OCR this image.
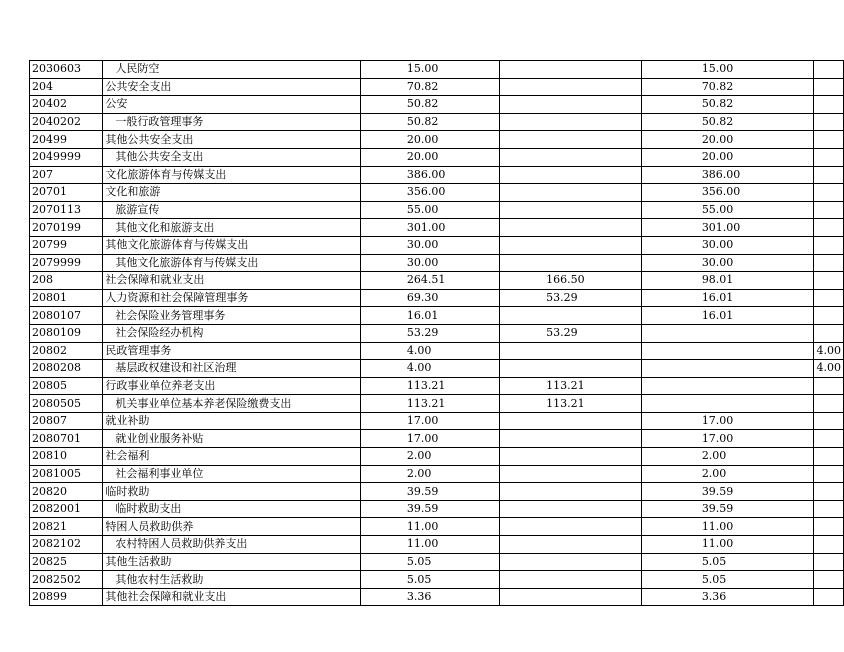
2030603	人民防空	15.00		15.00	
204	公共安全支出	70.82		70.82	
20402	公安	50.82		50.82	
2040202	一般行政管理事务	50.82		50.82	
20499	其他公共安全支出	20.00		20.00	
2049999	其他公共安全支出	20.00		20.00	
207	文化旅游体育与传媒支出	386.00		386.00	
20701	文化和旅游	356.00		356.00	
2070113	旅游宣传	55.00		55.00	
2070199	其他文化和旅游支出	301.00		301.00	
20799	其他文化旅游体育与传媒支出	30.00		30.00	
2079999	其他文化旅游体育与传媒支出	30.00		30.00	
208	社会保障和就业支出	264.51	166.50	98.01	
20801	人力资源和社会保障管理事务	69.30	53.29	16.01	
2080107	社会保险业务管理事务	16.01		16.01	
2080109	社会保险经办机构	53.29	53.29		
20802	民政管理事务	4.00			4.00
2080208	基层政权建设和社区治理	4.00			4.00
20805	行政事业单位养老支出	113.21	113.21		
2080505	机关事业单位基本养老保险缴费支出	113.21	113.21		
20807	就业补助	17.00		17.00	
2080701	就业创业服务补贴	17.00		17.00	
20810	社会福利	2.00		2.00	
2081005	社会福利事业单位	2.00		2.00	
20820	临时救助	39.59		39.59	
2082001	临时救助支出	39.59		39.59	
20821	特困人员救助供养	11.00		11.00	
2082102	农村特困人员救助供养支出	11.00		11.00	
20825	其他生活救助	5.05		5.05	
2082502	其他农村生活救助	5.05		5.05	
20899	其他社会保障和就业支出	3.36		3.36	
